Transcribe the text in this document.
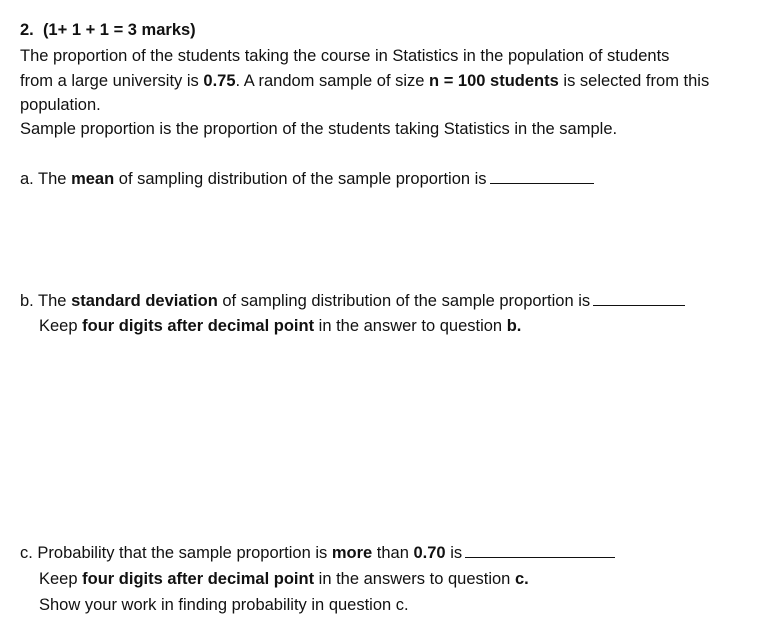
2. (1+ 1 + 1 = 3 marks)
The proportion of the students taking the course in Statistics in the population of students
from a large university is 0.75. A random sample of size n = 100 students is selected from this
population.
Sample proportion is the proportion of the students taking Statistics in the sample.
a. The mean of sampling distribution of the sample proportion is
b. The standard deviation of sampling distribution of the sample proportion is
Keep four digits after decimal point in the answer to question b.
c. Probability that the sample proportion is more than 0.70 is
Keep four digits after decimal point in the answers to question c.
Show your work in finding probability in question c.
